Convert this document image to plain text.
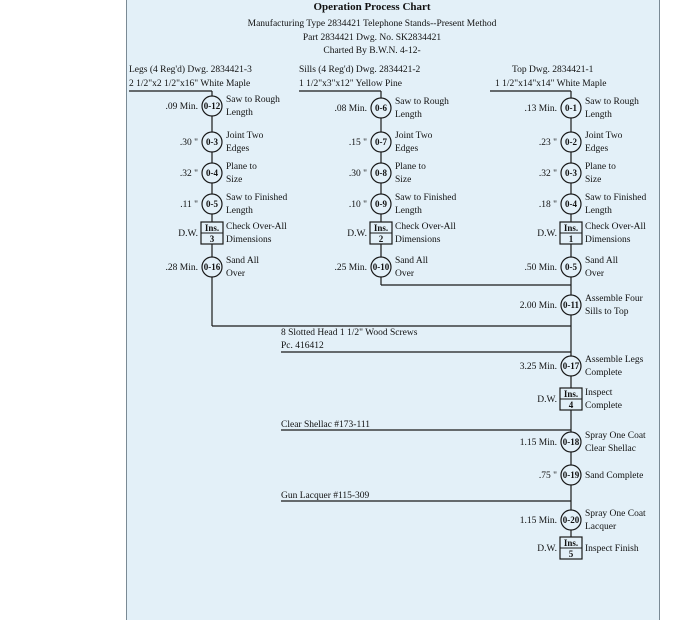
Operation Process Chart
Manufacturing Type 2834421 Telephone Stands--Present Method
Part 2834421 Dwg. No. SK2834421
Charted By B.W.N. 4-12-
Legs (4 Reg'd) Dwg. 2834421-3
2 1/2"x2 1/2"x16" White Maple
Sills (4 Reg'd) Dwg. 2834421-2
1 1/2"x3"x12" Yellow Pine
Top Dwg. 2834421-1
1 1/2"x14"x14" White Maple
8 Slotted Head 1 1/2" Wood Screws
Pc. 416412
Clear Shellac #173-111
Gun Lacquer #115-309
0-12
.09 Min.
Saw to Rough
Length
0-3
.30 "
Joint Two
Edges
0-4
.32 "
Plane to
Size
0-5
.11 "
Saw to Finished
Length
Ins.
3
D.W.
Check Over-All
Dimensions
0-16
.28 Min.
Sand All
Over
0-6
.08 Min.
Saw to Rough
Length
0-7
.15 "
Joint Two
Edges
0-8
.30 "
Plane to
Size
0-9
.10 "
Saw to Finished
Length
Ins.
2
D.W.
Check Over-All
Dimensions
0-10
.25 Min.
Sand All
Over
0-1
.13 Min.
Saw to Rough
Length
0-2
.23 "
Joint Two
Edges
0-3
.32 "
Plane to
Size
0-4
.18 "
Saw to Finished
Length
Ins.
1
D.W.
Check Over-All
Dimensions
0-5
.50 Min.
Sand All
Over
0-11
2.00 Min.
Assemble Four
Sills to Top
0-17
3.25 Min.
Assemble Legs
Complete
Ins.
4
D.W.
Inspect
Complete
0-18
1.15 Min.
Spray One Coat
Clear Shellac
0-19
.75 "	Sand Complete
0-20
1.15 Min.
Spray One Coat
Lacquer
Ins.
5
D.W.	Inspect Finish
